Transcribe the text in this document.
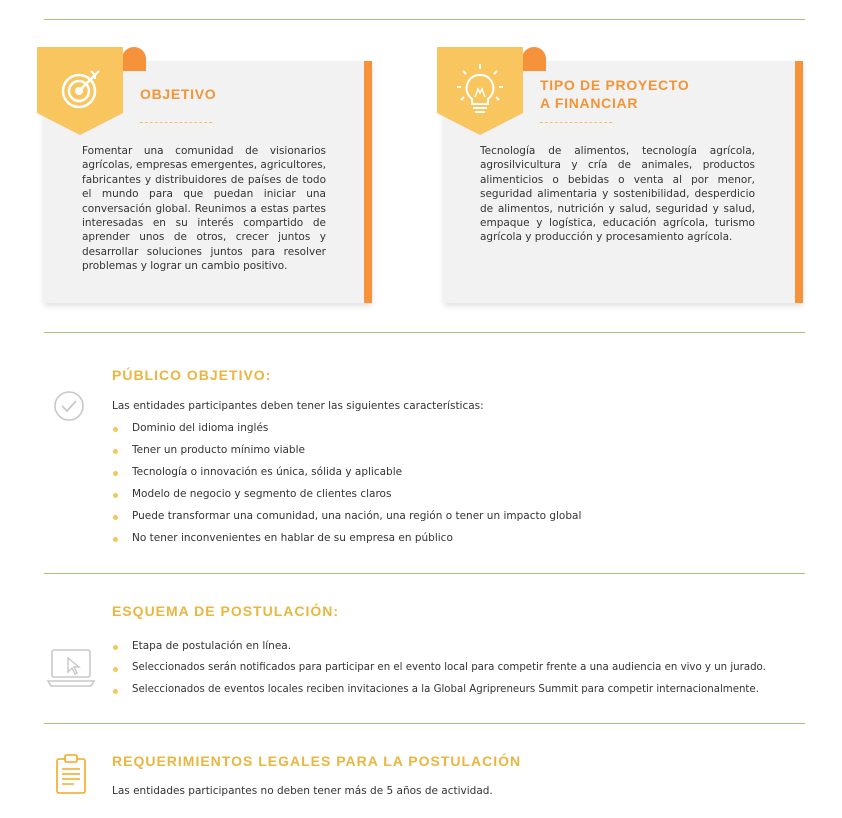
OBJETIVO
Fomentar una comunidad de visionarios agrícolas, empresas emergentes, agricultores, fabricantes y distribuidores de países de todo el mundo para que puedan iniciar una conversación global. Reunimos a estas partes interesadas en su interés compartido de aprender unos de otros, crecer juntos y desarrollar soluciones juntos para resolver problemas y lograr un cambio positivo.
TIPO DE PROYECTO
A FINANCIAR
Tecnología de alimentos, tecnología agrícola, agrosilvicultura y cría de animales, productos alimenticios o bebidas o venta al por menor, seguridad alimentaria y sostenibilidad, desperdicio de alimentos, nutrición y salud, seguridad y salud, empaque y logística, educación agrícola, turismo agrícola y producción y procesamiento agrícola.
PÚBLICO OBJETIVO:
Las entidades participantes deben tener las siguientes características:
Dominio del idioma inglés
Tener un producto mínimo viable
Tecnología o innovación es única, sólida y aplicable
Modelo de negocio y segmento de clientes claros
Puede transformar una comunidad, una nación, una región o tener un impacto global
No tener inconvenientes en hablar de su empresa en público
ESQUEMA DE POSTULACIÓN:
Etapa de postulación en línea.
Seleccionados serán notificados para participar en el evento local para competir frente a una audiencia en vivo y un jurado.
Seleccionados de eventos locales reciben invitaciones a la Global Agripreneurs Summit para competir internacionalmente.
REQUERIMIENTOS LEGALES PARA LA POSTULACIÓN
Las entidades participantes no deben tener más de 5 años de actividad.
